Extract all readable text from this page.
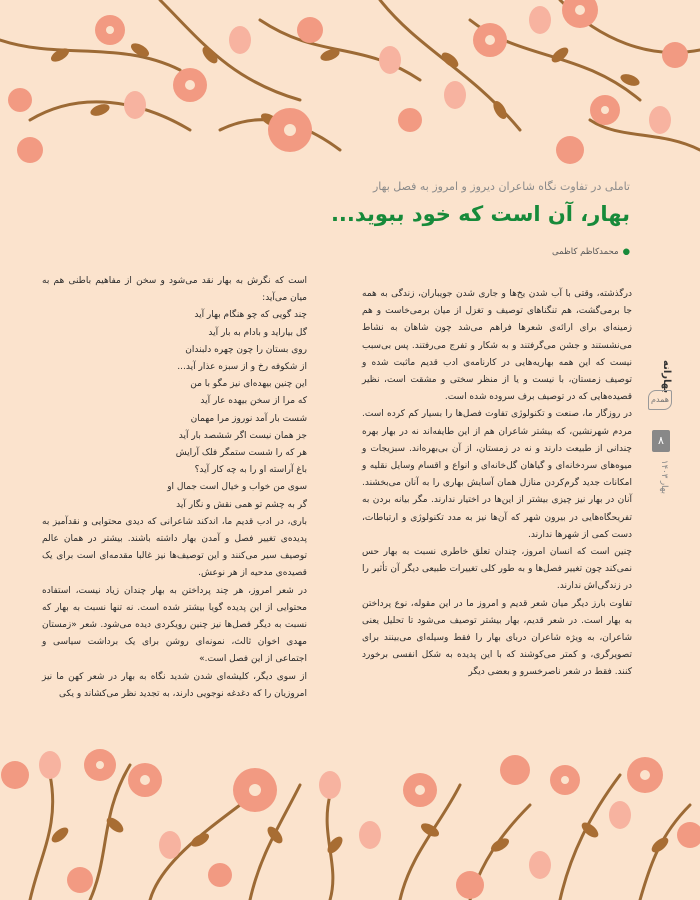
تاملی در تفاوت نگاه شاعران دیروز و امروز به فصل بهار
بهار، آن است که خود ببوید...
●محمدکاظم کاظمی

درگذشته، وقتی با آب شدن یخ‌ها و جاری شدن جویباران، زندگی به همه جا برمی‌گشت، هم تنگناهای توصیف و تغزل از میان برمی‌خاست و هم زمینه‌ای برای ارائه‌ی شعرها فراهم می‌شد چون شاهان به نشاط می‌نشستند و جشن می‌گرفتند و به شکار و تفرج می‌رفتند. پس بی‌سبب نیست که این همه بهاریه‌هایی در کارنامه‌ی ادب قدیم ماثبت شده و توصیف زمستان، با نیست و یا از منظر سختی و مشقت است، نظیر قصیده‌هایی که در توصیف برف سروده شده است.

در روزگار ما، صنعت و تکنولوژی تفاوت فصل‌ها را بسیار کم کرده است. مردم شهرنشین، که بیشتر شاعران هم از این طایفه‌اند نه در بهار بهره چندانی از طبیعت دارند و نه در زمستان، از آن بی‌بهره‌اند. سبزیجات و میوه‌های سردخانه‌ای و گیاهان گل‌خانه‌ای و انواع و اقسام وسایل نقلیه و امکانات جدید گرم‌کردن منازل همان آسایش بهاری را به آنان می‌بخشند. آنان در بهار نیز چیزی بیشتر از این‌ها در اختیار ندارند. مگر بیانه بردن به تفریحگاه‌هایی در بیرون شهر که آن‌ها نیز به مدد تکنولوژی و ارتباطات، دست کمی از شهرها ندارند.

چنین است که انسان امروز، چندان تعلق خاطری نسبت به بهار حس نمی‌کند چون تغییر فصل‌ها و به طور کلی تغییرات طبیعی دیگر آن تأثیر را در زندگی‌اش ندارند.

تفاوت بارز دیگر میان شعر قدیم و امروز ما در این مقوله، نوع پرداختن به بهار است. در شعر قدیم، بهار بیشتر توصیف می‌شود تا تحلیل یعنی شاعران، به ویژه شاعران دربای بهار را فقط وسیله‌ای می‌بینند برای تصویرگری، و کمتر می‌کوشند که با این پدیده به شکل انفسی برخورد کنند. فقط در شعر ناصرخسرو و بعضی دیگر

است که نگرش به بهار نقد می‌شود و سخن از مفاهیم باطنی هم به میان می‌آید:

چند گویی که چو هنگام بهار آید

گل بیاراید و بادام به بار آید

روی بستان را چون چهره دلبندان

از شکوفه رخ و از سبزه عذار آید...

این چنین بیهده‌ای نیز مگو با من

که مرا از سخن بیهده عار آید

شست بار آمد نوروز مرا مهمان

جز همان نیست اگر ششصد بار آید

هر که را شست ستمگر فلک آرایش

باغ آراسته او را به چه کار آید؟

سوی من خواب و خیال است جمال او

گر به چشم تو همی نقش و نگار آید

باری، در ادب قدیم ما، اندکند شاعرانی که دیدی محتوایی و نقدآمیز به پدیده‌ی تغییر فصل و آمدن بهار داشته باشند. بیشتر در همان عالم توصیف سیر می‌کنند و این توصیف‌ها نیز غالبا مقدمه‌ای است برای یک قصیده‌ی مدحیه از هر نوعش.

در شعر امروز، هر چند پرداختن به بهار چندان زیاد نیست، استفاده محتوایی از این پدیده گویا بیشتر شده است. نه تنها نسبت به بهار که نسبت به دیگر فصل‌ها نیز چنین رویکردی دیده می‌شود. شعر «زمستان مهدی اخوان ثالث، نمونه‌ای روشن برای یک برداشت سیاسی و اجتماعی از این فصل است.»

از سوی دیگر، کلیشه‌ای شدن شدید نگاه به بهار در شعر کهن ما نیز امروزیان را که دغدغه نوجویی دارند، به تجدید نظر می‌کشاند و یکی

بهارانه
همدم
۸
بهار ۱۴۰۳
